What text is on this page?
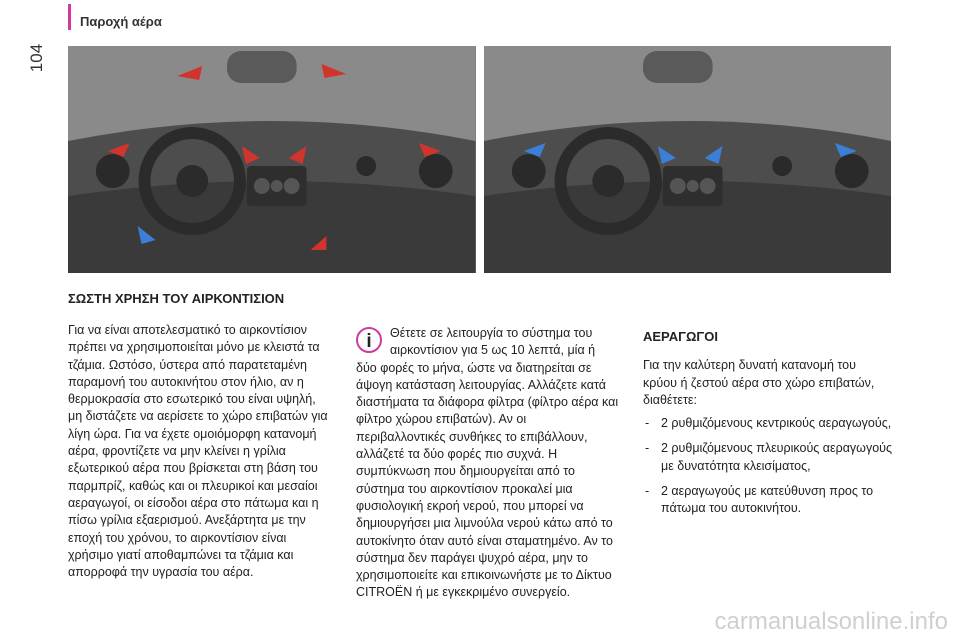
104
Παροχή αέρα
ΣΩΣΤΗ ΧΡΗΣΗ ΤΟΥ ΑΙΡΚΟΝΤΙΣΙΟΝ

Για να είναι αποτελεσματικό το αιρκοντίσιον πρέπει να χρησιμοποιείται μόνο με κλειστά τα τζάμια. Ωστόσο, ύστερα από παρατεταμένη παραμονή του αυτοκινήτου στον ήλιο, αν η θερμοκρασία στο εσωτερικό του είναι υψηλή, μη διστάζετε να αερίσετε το χώρο επιβατών για λίγη ώρα. Για να έχετε ομοιόμορφη κατανομή αέρα, φροντίζετε να μην κλείνει η γρίλια εξωτερικού αέρα που βρίσκεται στη βάση του παρμπρίζ, καθώς και οι πλευρικοί και μεσαίοι αεραγωγοί, οι είσοδοι αέρα στο πάτωμα και η πίσω γρίλια εξαερισμού. Ανεξάρτητα με την εποχή του χρόνου, το αιρκοντίσιον είναι χρήσιμο γιατί αποθαμπώνει τα τζάμια και απορροφά την υγρασία του αέρα.

i	Θέτετε σε λειτουργία το σύστημα του αιρκοντίσιον για 5 ως 10 λεπτά, μία ή δύο φορές το μήνα, ώστε να διατηρείται σε άψογη κατάσταση λειτουργίας. Αλλάζετε κατά διαστήματα τα διάφορα φίλτρα (φίλτρο αέρα και φίλτρο χώρου επιβατών). Αν οι περιβαλλοντικές συνθήκες το επιβάλλουν, αλλάζετέ τα δύο φορές πιο συχνά. Η συμπύκνωση που δημιουργείται από το σύστημα του αιρκοντίσιον προκαλεί μια φυσιολογική εκροή νερού, που μπορεί να δημιουργήσει μια λιμνούλα νερού κάτω από το αυτοκίνητο όταν αυτό είναι σταματημένο. Αν το σύστημα δεν παράγει ψυχρό αέρα, μην το χρησιμοποιείτε και επικοινωνήστε με το Δίκτυο CITROËN ή με εγκεκριμένο συνεργείο.

ΑΕΡΑΓΩΓΟΙ

Για την καλύτερη δυνατή κατανομή του κρύου ή ζεστού αέρα στο χώρο επιβατών, διαθέτετε:

- 2 ρυθμιζόμενους κεντρικούς αεραγωγούς,
- 2 ρυθμιζόμενους πλευρικούς αεραγωγούς με δυνατότητα κλεισίματος,
- 2 αεραγωγούς με κατεύθυνση προς το πάτωμα του αυτοκινήτου.
carmanualsonline.info
